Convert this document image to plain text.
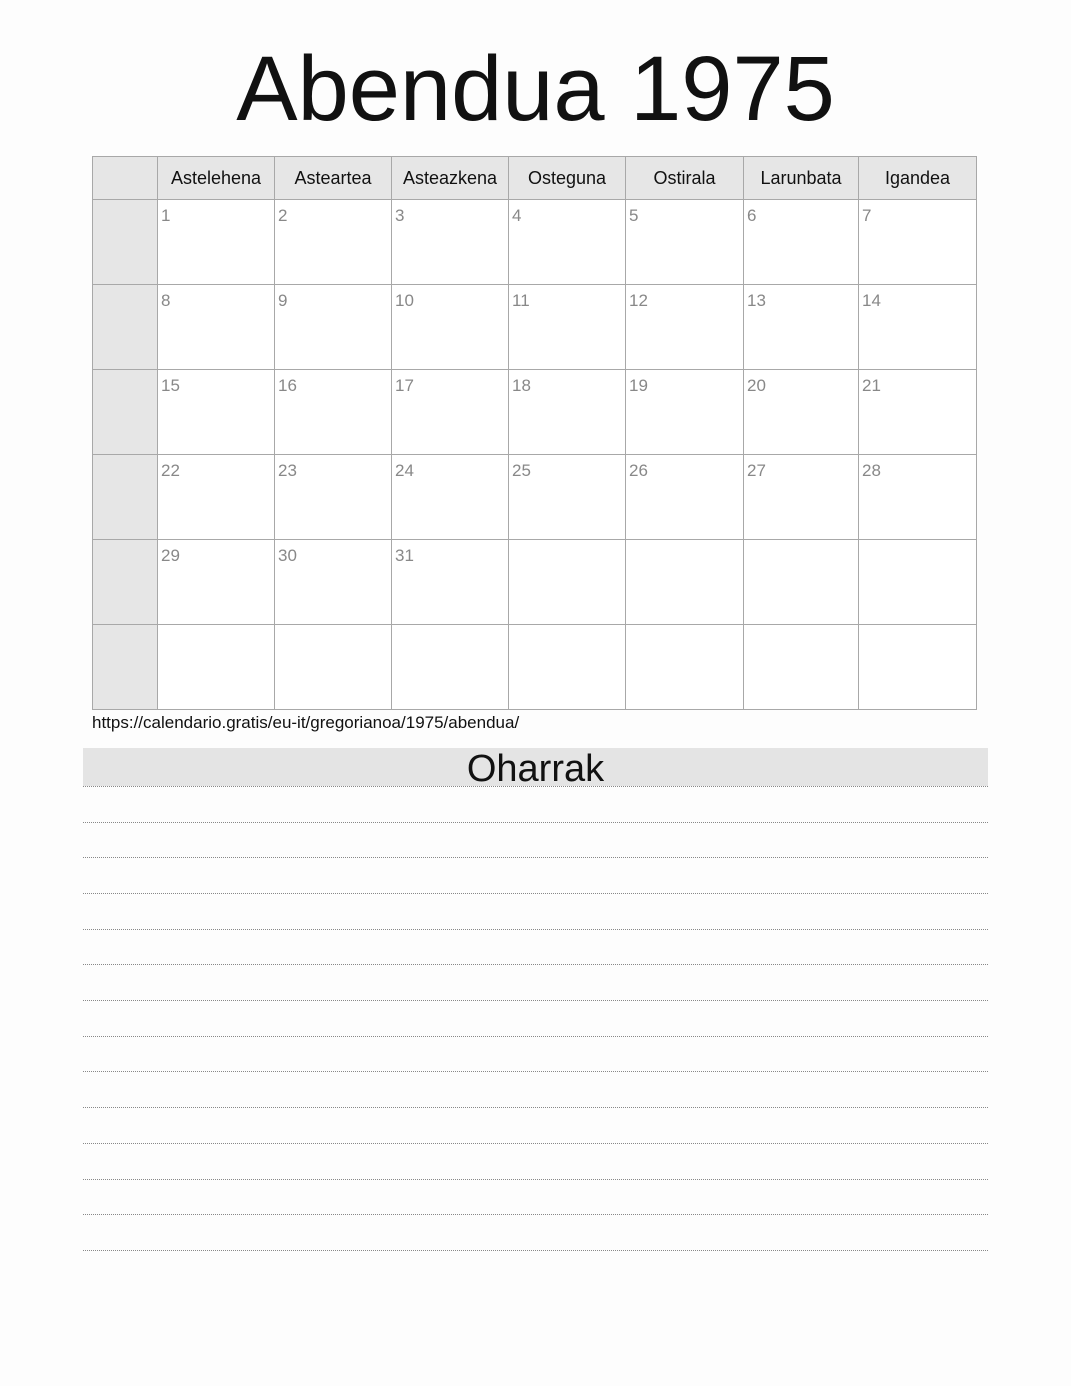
Abendua 1975
	Astelehena	Asteartea	Asteazkena	Osteguna	Ostirala	Larunbata	Igandea

	1	2	3	4	5	6	7

	8	9	10	11	12	13	14

	15	16	17	18	19	20	21

	22	23	24	25	26	27	28

	29	30	31				

https://calendario.gratis/eu-it/gregorianoa/1975/abendua/
Oharrak
